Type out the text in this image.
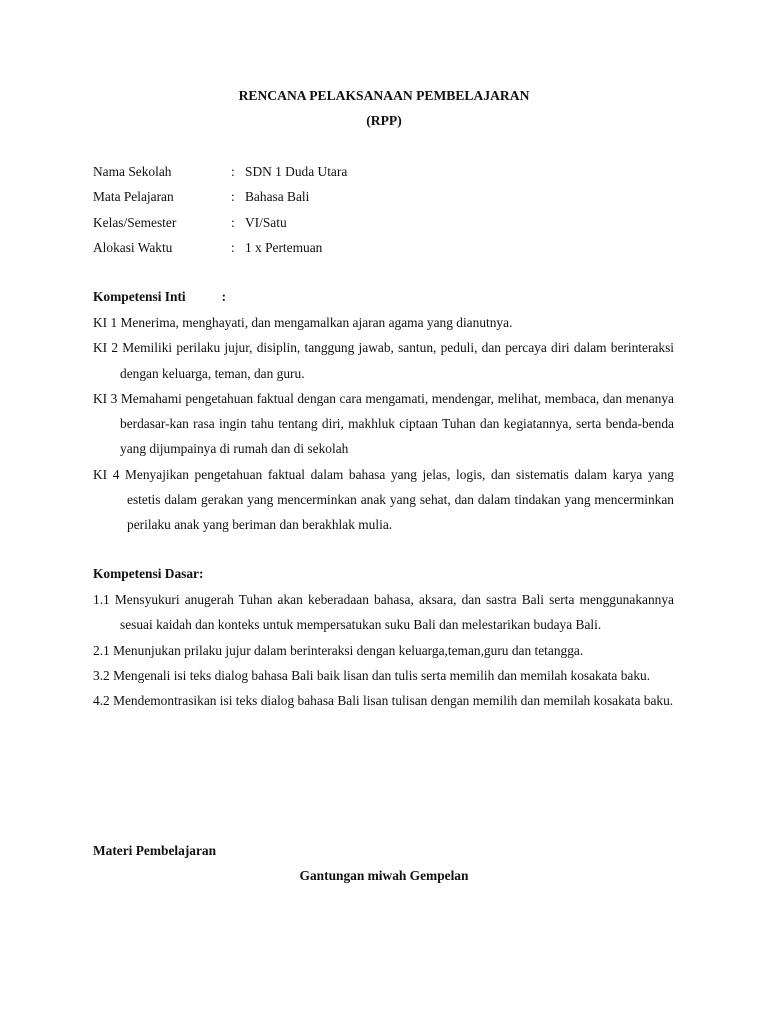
RENCANA PELAKSANAAN PEMBELAJARAN
(RPP)
Nama Sekolah	: SDN 1 Duda Utara
Mata Pelajaran	: Bahasa Bali
Kelas/Semester	: VI/Satu
Alokasi Waktu	: 1 x Pertemuan
Kompetensi Inti	:
KI 1 Menerima, menghayati, dan mengamalkan ajaran agama yang dianutnya.
KI 2 Memiliki perilaku jujur, disiplin, tanggung jawab, santun, peduli, dan percaya diri dalam berinteraksi dengan keluarga, teman, dan guru.
KI 3 Memahami pengetahuan faktual dengan cara mengamati, mendengar, melihat, membaca, dan menanya berdasar-kan rasa ingin tahu tentang diri, makhluk ciptaan Tuhan dan kegiatannya, serta benda-benda yang dijumpainya di rumah dan di sekolah
KI 4 Menyajikan pengetahuan faktual dalam bahasa yang jelas, logis, dan sistematis dalam karya yang estetis dalam gerakan yang mencerminkan anak yang sehat, dan dalam tindakan yang mencerminkan perilaku anak yang beriman dan berakhlak mulia.
Kompetensi Dasar:
1.1 Mensyukuri anugerah Tuhan akan keberadaan bahasa, aksara, dan sastra Bali serta menggunakannya sesuai kaidah dan konteks untuk mempersatukan suku Bali dan melestarikan budaya Bali.
2.1 Menunjukan prilaku jujur dalam berinteraksi dengan keluarga,teman,guru dan tetangga.
3.2 Mengenali isi teks dialog bahasa Bali baik lisan dan tulis serta memilih dan memilah kosakata baku.
4.2 Mendemontrasikan isi teks dialog bahasa Bali lisan tulisan dengan memilih dan memilah kosakata baku.
Materi Pembelajaran
Gantungan miwah Gempelan
